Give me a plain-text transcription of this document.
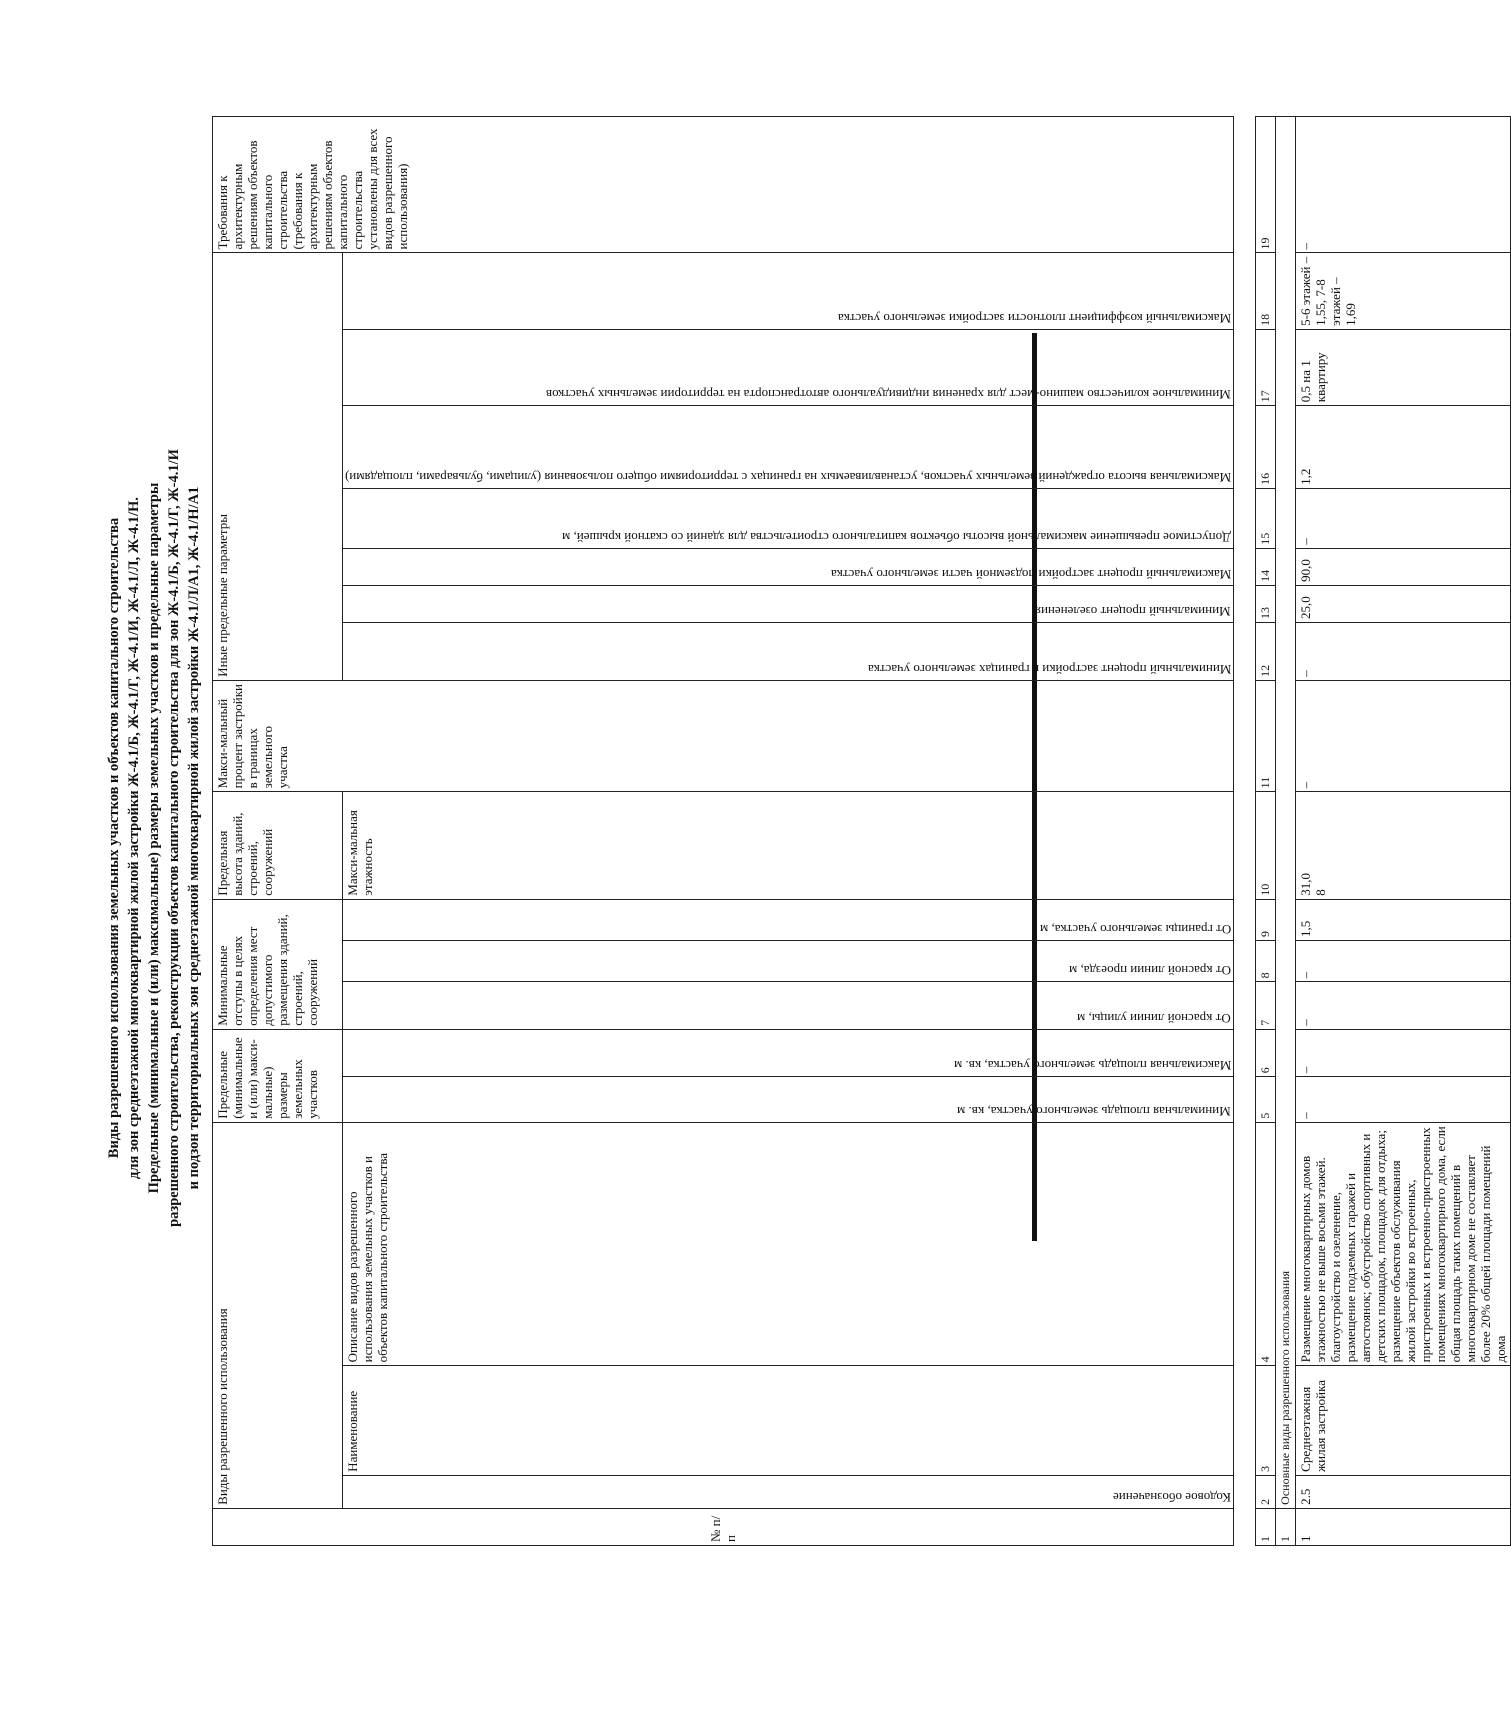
Виды разрешенного использования земельных участков и объектов капитального строительства для зон среднеэтажной многоквартирной жилой застройки Ж-4.1/Б, Ж-4.1/Г, Ж-4.1/И, Ж-4.1/Л, Ж-4.1/Н. Предельные (минимальные и (или) максимальные) размеры земельных участков и предельные параметры разрешенного строительства, реконструкции объектов капитального строительства для зон Ж-4.1/Б, Ж-4.1/Г, Ж-4.1/И и подзон территориальных зон среднеэтажной многоквартирной жилой застройки Ж-4.1/Л/А1, Ж-4.1/Н/А1
№ п/п	Виды разрешенного использования			Предельные (минимальные и (или) макси-мальные) размеры земельных участков		Минимальные отступы в целях определения мест допустимого размещения зданий, строений, сооружений			Предельная высота зданий, строений, сооружений	Макси-мальный процент застройки в границах земельного участка	Иные предельные параметры							Требования к архитектурным решениям объектов капитального строительства (требования к архитектурным решениям объектов капитального строительства установлены для всех видов разрешенного использования)

	Кодовое обозначение	Наименование	Описание видов разрешенного использования земельных участков и объектов капитального строительства	Минимальная площадь земельного участка, кв. м	Максимальная площадь земельного участка, кв. м	От красной линии улицы, м	От красной линии проезда, м	От границы земельного участка, м	Макси-мальная этажность		Минимальный процент застройки в границах земельного участка	Минимальный процент озеленения	Максимальный процент застройки подземной части земельного участка	Допустимое превышение максимальной высоты объектов капитального строительства для зданий со скатной крышей, м	Максимальная высота ограждений земельных участков, устанавливаемых на границах с территориями общего пользования (улицами, бульварами, площадями)	Минимальное количество машино-мест для хранения индивидуального автотранспорта на территории земельных участков	Максимальный коэффициент плотности застройки земельного участка	

1	2	3	4	5	6	7	8	9	10	11	12	13	14	15	16	17	18	19
1	Основные виды разрешенного использования																	
1	2.5	Среднеэтажная жилая застройка	Размещение многоквартирных домов этажностью не выше восьми этажей. благоустройство и озеленение, размещение подземных гаражей и автостоянок; обустройство спортивных и детских площадок, площадок для отдыха; размещение объектов обслуживания жилой застройки во встроенных, пристроенных и встроенно-пристроенных помещениях многоквартирного дома, если общая площадь таких помещений в многоквартирном доме не составляет более 20% общей площади помещений дома	–	–	–	–	1,5	31,0 8	–	–	25,0	90,0	–	1,2	0,5 на 1 квартиру	5-6 этажей – 1,55, 7-8 этажей – 1,69	–
